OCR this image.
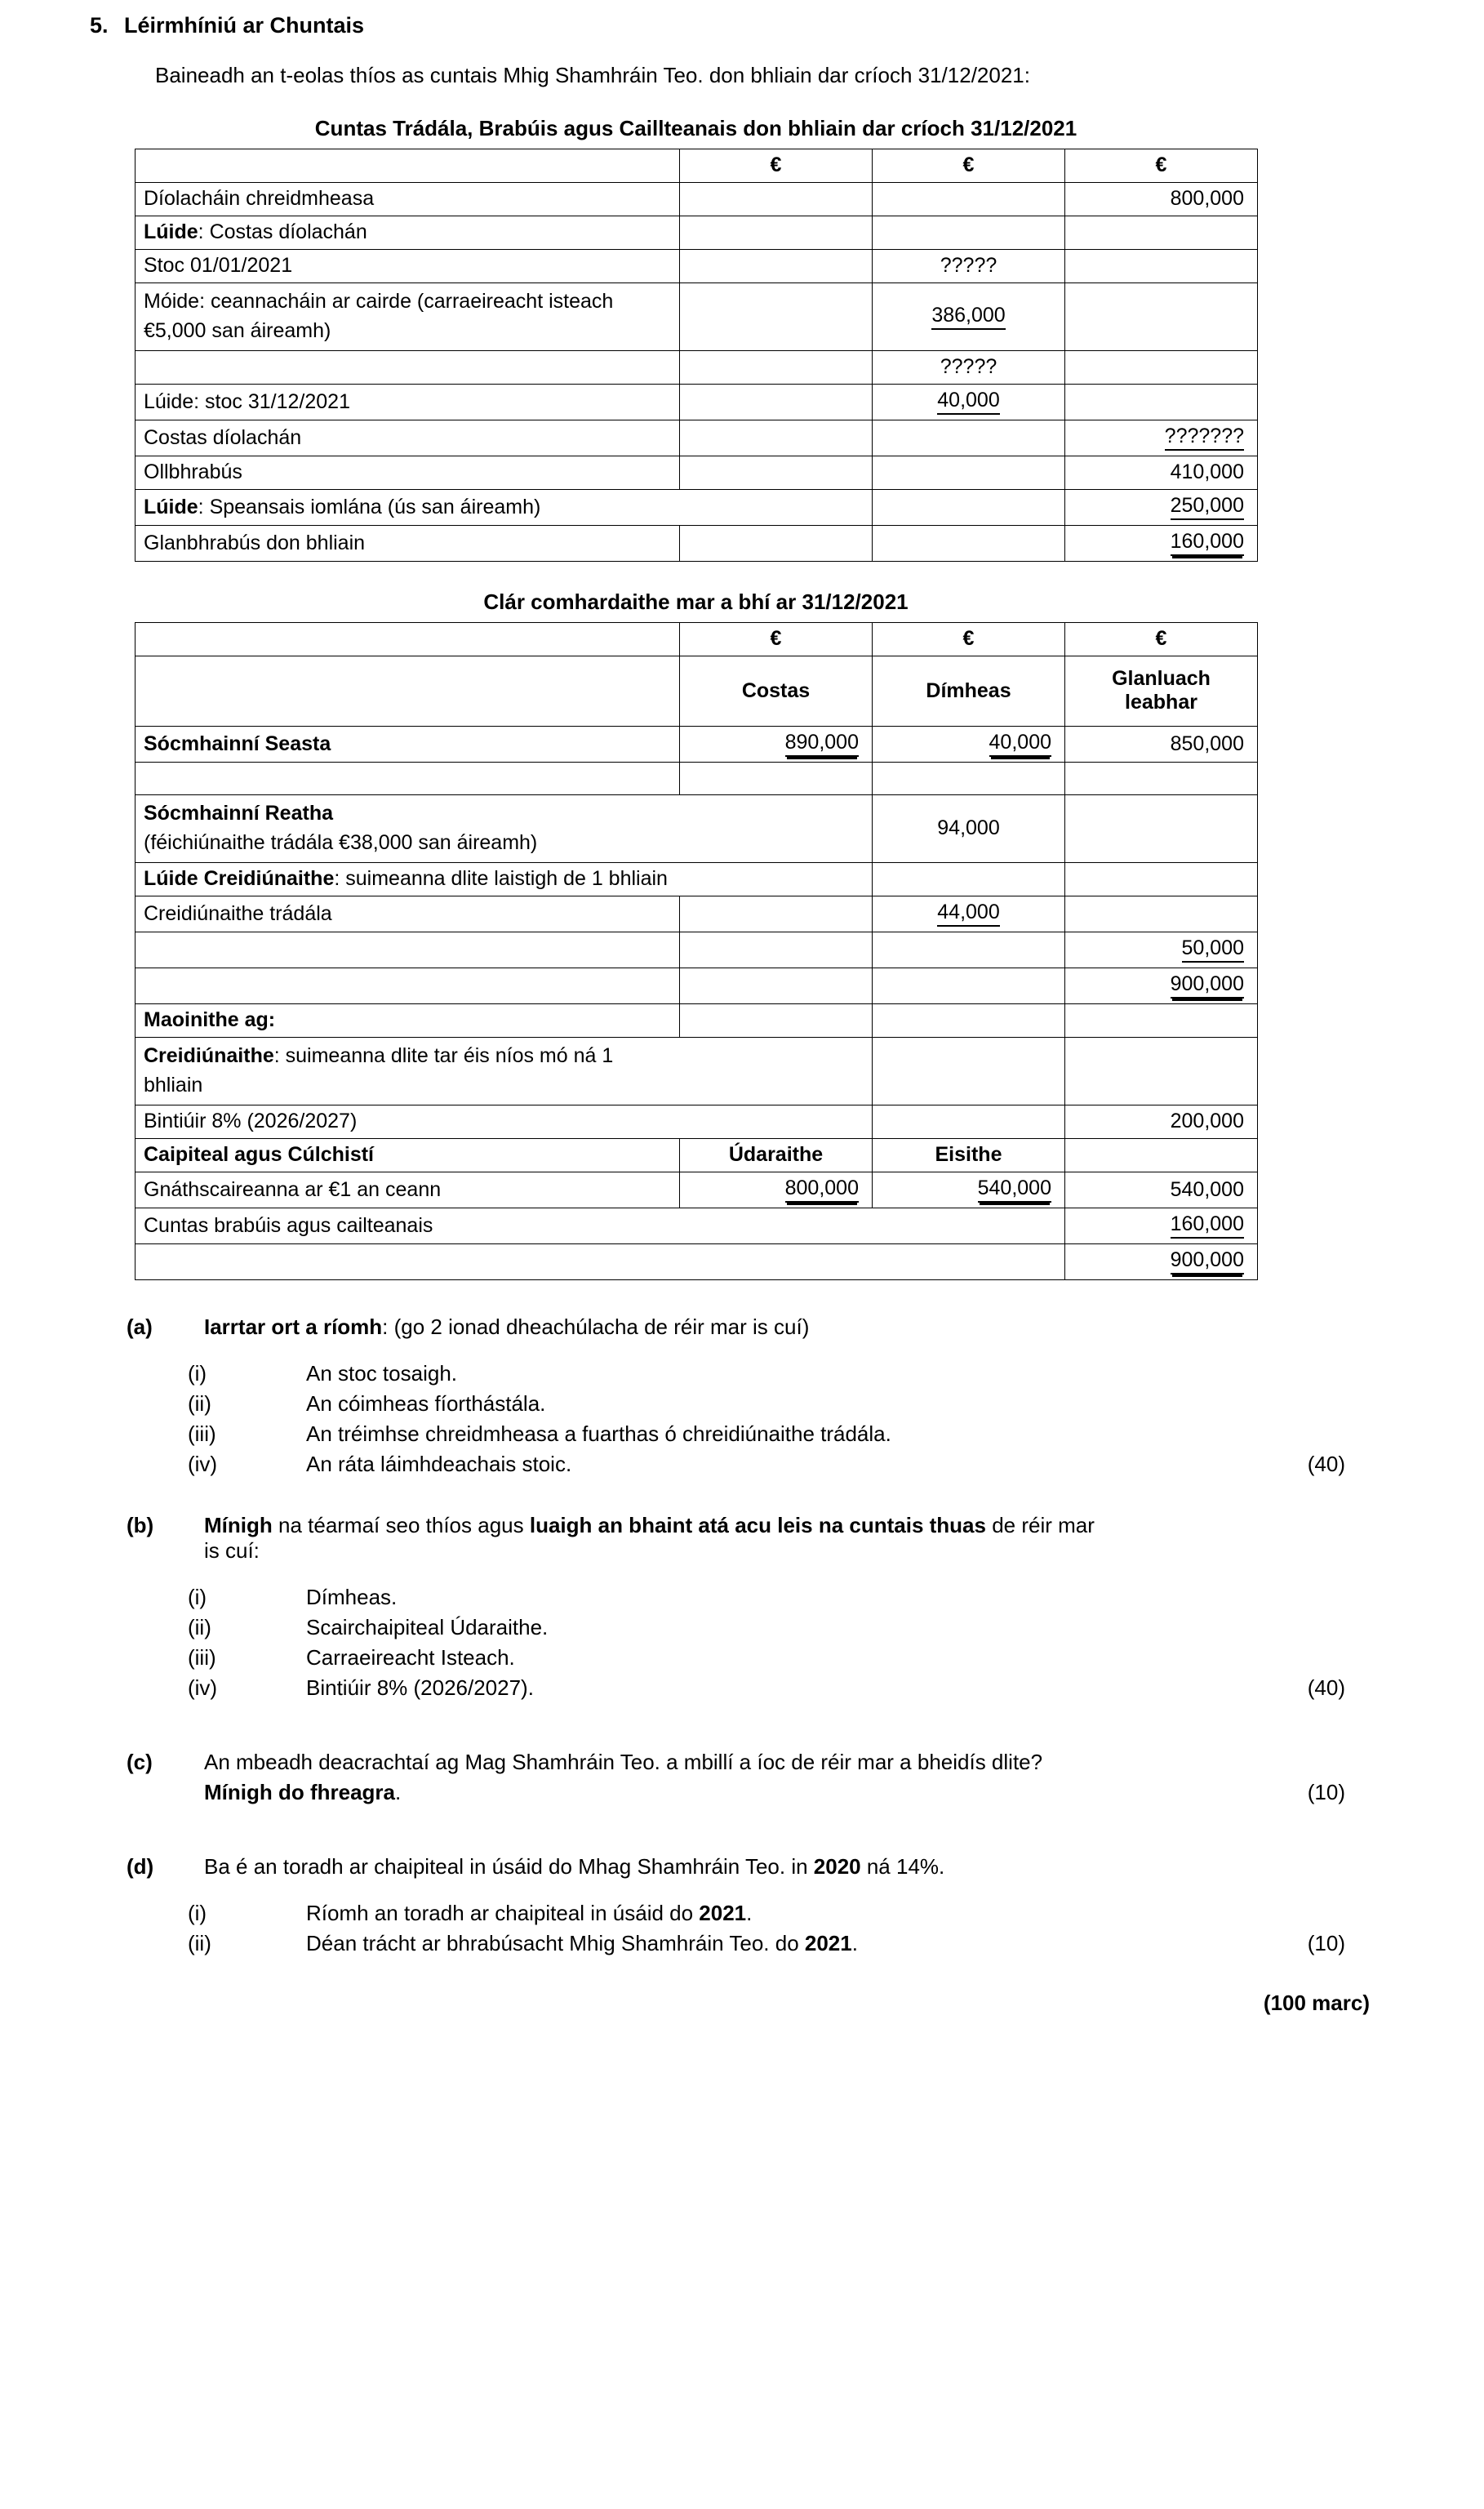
5. Léirmhíniú ar Chuntais
Baineadh an t-eolas thíos as cuntais Mhig Shamhráin Teo. don bhliain dar críoch 31/12/2021:
Cuntas Trádála, Brabúis agus Caillteanais don bhliain dar críoch 31/12/2021
	€	€	€
Díolacháin chreidmheasa			800,000
Lúide: Costas díolachán			
Stoc 01/01/2021		?????	
Móide: ceannacháin ar cairde (carraeireacht isteach €5,000 san áireamh)		386,000	
		?????	
Lúide: stoc 31/12/2021		40,000	
Costas díolachán			???????
Ollbhrabús			410,000
Lúide: Speansais iomlána (ús san áireamh)			250,000
Glanbhrabús don bhliain			160,000
Clár comhardaithe mar a bhí ar 31/12/2021
	€	€	€
	Costas	Dímheas	Glanluach leabhar
Sócmhainní Seasta	890,000	40,000	850,000

Sócmhainní Reatha
(féichiúnaithe trádála €38,000 san áireamh)		94,000	
Lúide Creidiúnaithe: suimeanna dlite laistigh de 1 bhliain			
Creidiúnaithe trádála		44,000	
			50,000
			900,000
Maoinithe ag:			
Creidiúnaithe: suimeanna dlite tar éis níos mó ná 1
bhliain			
Bintiúir 8% (2026/2027)			200,000
Caipiteal agus Cúlchistí	Údaraithe	Eisithe	
Gnáthscaireanna ar €1 an ceann	800,000	540,000	540,000
Cuntas brabúis agus cailteanais			160,000
			900,000
(a)	Iarrtar ort a ríomh: (go 2 ionad dheachúlacha de réir mar is cuí)
(i)	An stoc tosaigh.
(ii)	An cóimheas fíorthástála.
(iii)	An tréimhse chreidmheasa a fuarthas ó chreidiúnaithe trádála.
(iv)	An ráta láimhdeachais stoic.	(40)
(b)	Mínigh na téarmaí seo thíos agus luaigh an bhaint atá acu leis na cuntais thuas de réir mar
is cuí:
(i)	Dímheas.
(ii)	Scairchaipiteal Údaraithe.
(iii)	Carraeireacht Isteach.
(iv)	Bintiúir 8% (2026/2027).	(40)
(c)	An mbeadh deacrachtaí ag Mag Shamhráin Teo. a mbillí a íoc de réir mar a bheidís dlite?
Mínigh do fhreagra.	(10)
(d)	Ba é an toradh ar chaipiteal in úsáid do Mhag Shamhráin Teo. in 2020 ná 14%.
(i)	Ríomh an toradh ar chaipiteal in úsáid do 2021.
(ii)	Déan trácht ar bhrabúsacht Mhig Shamhráin Teo. do 2021.	(10)
(100 marc)
